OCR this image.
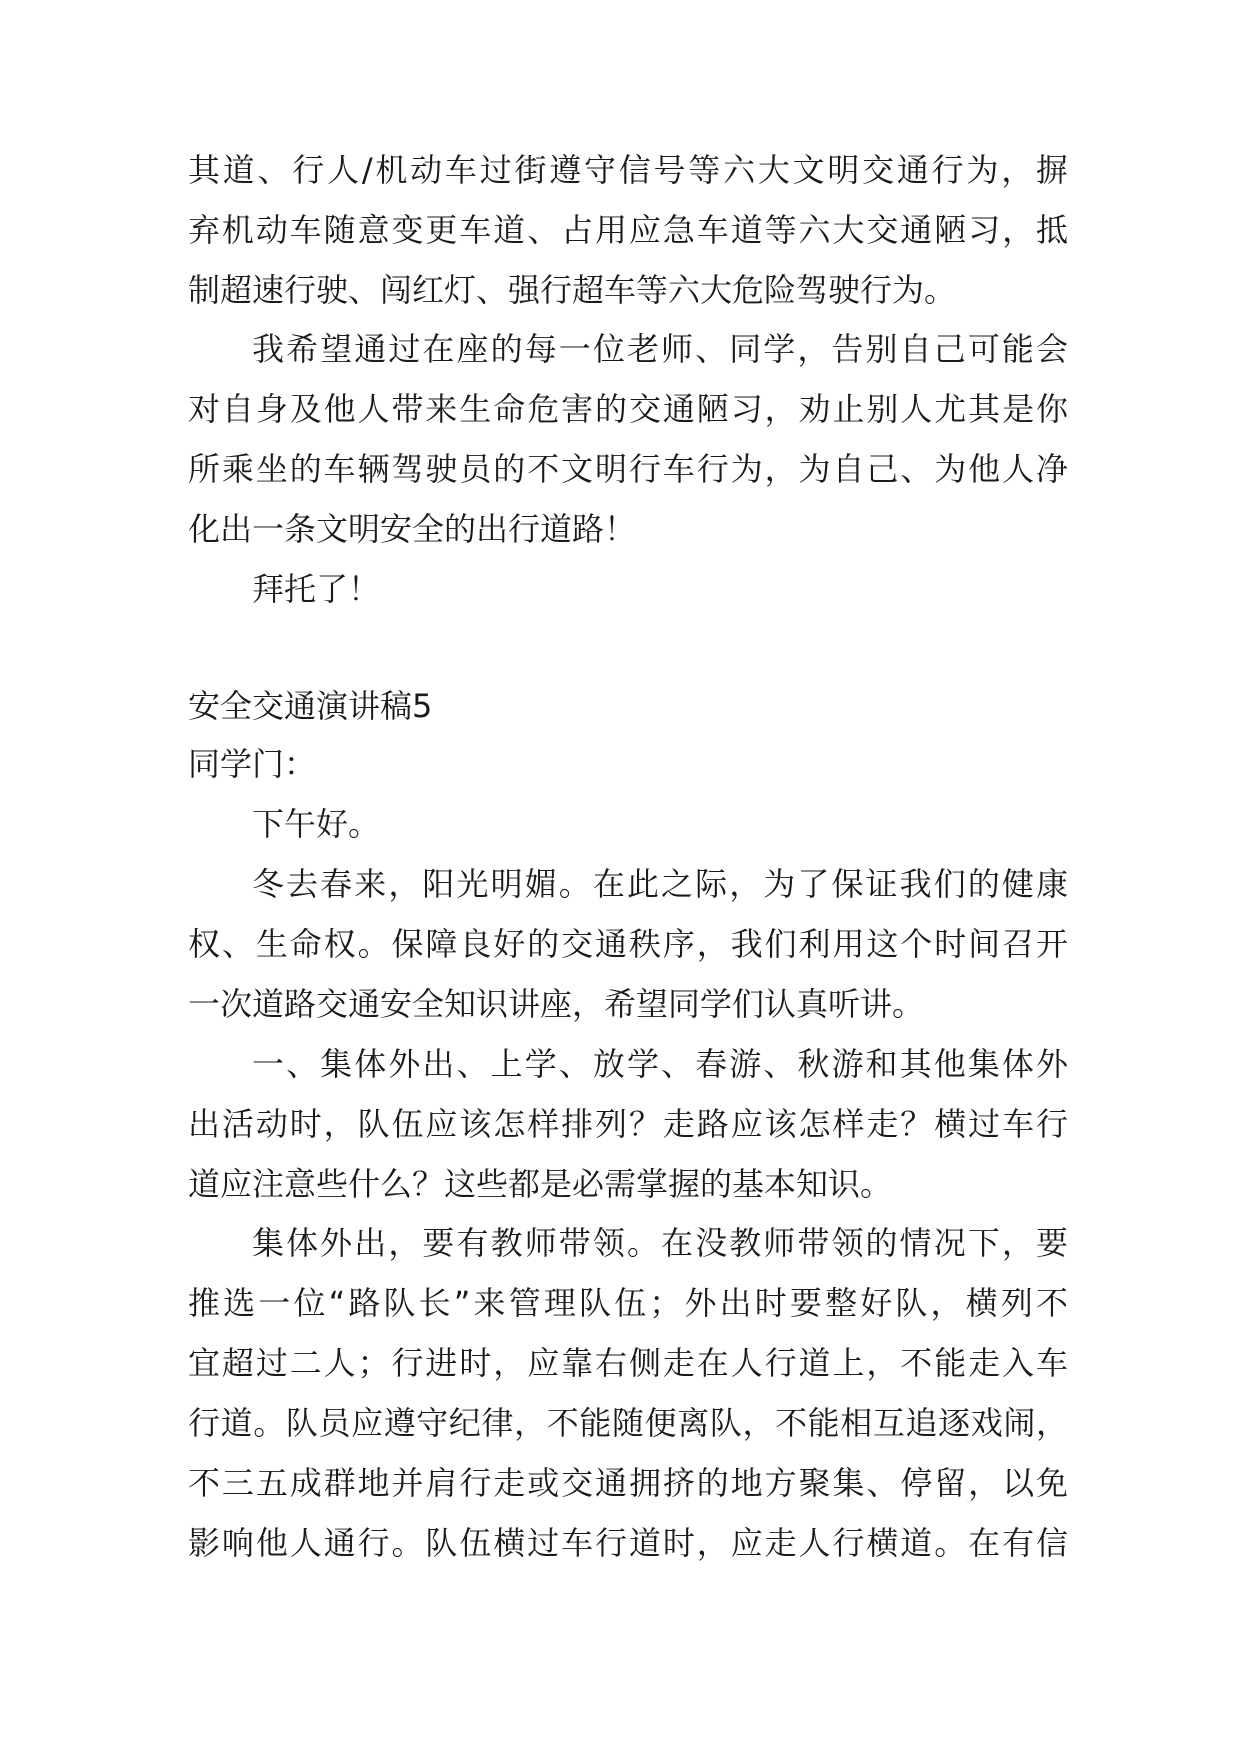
其道、行人/机动车过街遵守信号等六大文明交通行为，摒
弃机动车随意变更车道、占用应急车道等六大交通陋习，抵
制超速行驶、闯红灯、强行超车等六大危险驾驶行为。
我希望通过在座的每一位老师、同学，告别自己可能会
对自身及他人带来生命危害的交通陋习，劝止别人尤其是你
所乘坐的车辆驾驶员的不文明行车行为，为自己、为他人净
化出一条文明安全的出行道路！
拜托了！
安全交通演讲稿5
同学门：
下午好。
冬去春来，阳光明媚。在此之际，为了保证我们的健康
权、生命权。保障良好的交通秩序，我们利用这个时间召开
一次道路交通安全知识讲座，希望同学们认真听讲。
一、集体外出、上学、放学、春游、秋游和其他集体外
出活动时，队伍应该怎样排列？走路应该怎样走？横过车行
道应注意些什么？这些都是必需掌握的基本知识。
集体外出，要有教师带领。在没教师带领的情况下，要
推选一位“路队长”来管理队伍；外出时要整好队，横列不
宜超过二人；行进时，应靠右侧走在人行道上，不能走入车
行道。队员应遵守纪律，不能随便离队，不能相互追逐戏闹，
不三五成群地并肩行走或交通拥挤的地方聚集、停留，以免
影响他人通行。队伍横过车行道时，应走人行横道。在有信
